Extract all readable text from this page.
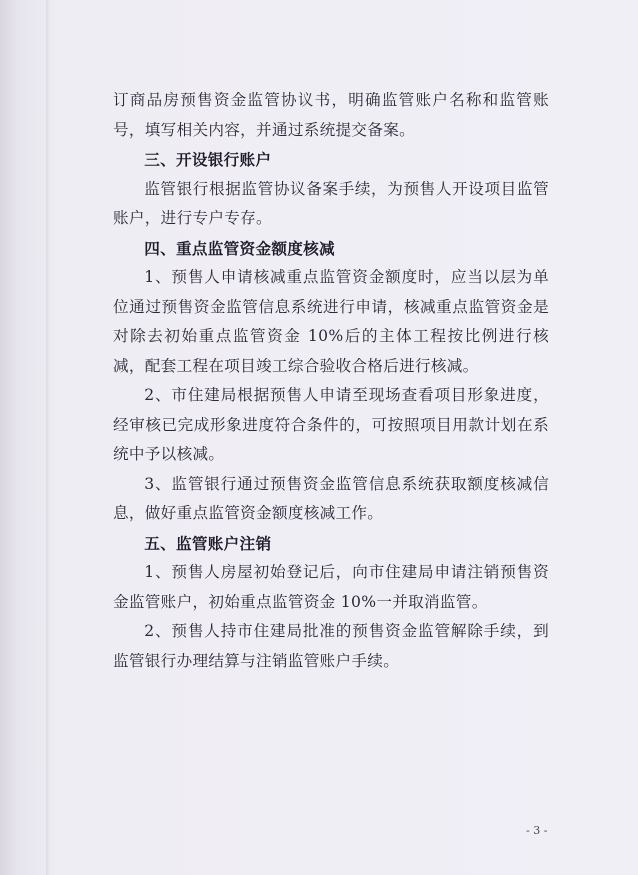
订商品房预售资金监管协议书，明确监管账户名称和监管账号，填写相关内容，并通过系统提交备案。

三、开设银行账户

监管银行根据监管协议备案手续，为预售人开设项目监管账户，进行专户专存。

四、重点监管资金额度核减

1、预售人申请核减重点监管资金额度时，应当以层为单位通过预售资金监管信息系统进行申请，核减重点监管资金是对除去初始重点监管资金 10%后的主体工程按比例进行核减，配套工程在项目竣工综合验收合格后进行核减。

2、市住建局根据预售人申请至现场查看项目形象进度，经审核已完成形象进度符合条件的，可按照项目用款计划在系统中予以核减。

3、监管银行通过预售资金监管信息系统获取额度核减信息，做好重点监管资金额度核减工作。

五、监管账户注销

1、预售人房屋初始登记后，向市住建局申请注销预售资金监管账户，初始重点监管资金 10%一并取消监管。

2、预售人持市住建局批准的预售资金监管解除手续，到监管银行办理结算与注销监管账户手续。

- 3 -
